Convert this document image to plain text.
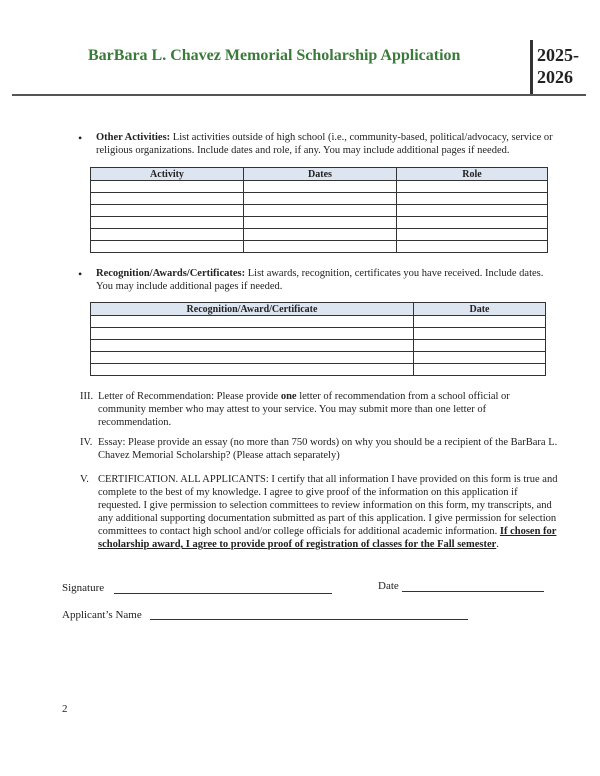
BarBara L. Chavez Memorial Scholarship Application	2025-
2026
• Other Activities: List activities outside of high school (i.e., community-based, political/advocacy, service or religious organizations. Include dates and role, if any. You may include additional pages if needed.
Activity	Dates	Role

• Recognition/Awards/Certificates: List awards, recognition, certificates you have received. Include dates. You may include additional pages if needed.
Recognition/Award/Certificate	Date

III. Letter of Recommendation: Please provide one letter of recommendation from a school official or community member who may attest to your service. You may submit more than one letter of recommendation.
IV. Essay: Please provide an essay (no more than 750 words) on why you should be a recipient of the BarBara L. Chavez Memorial Scholarship? (Please attach separately)
V. CERTIFICATION. ALL APPLICANTS: I certify that all information I have provided on this form is true and complete to the best of my knowledge. I agree to give proof of the information on this application if requested. I give permission to selection committees to review information on this form, my transcripts, and any additional supporting documentation submitted as part of this application. I give permission for selection committees to contact high school and/or college officials for additional academic information. If chosen for scholarship award, I agree to provide proof of registration of classes for the Fall semester.
Signature	Date
Applicant’s Name
2
